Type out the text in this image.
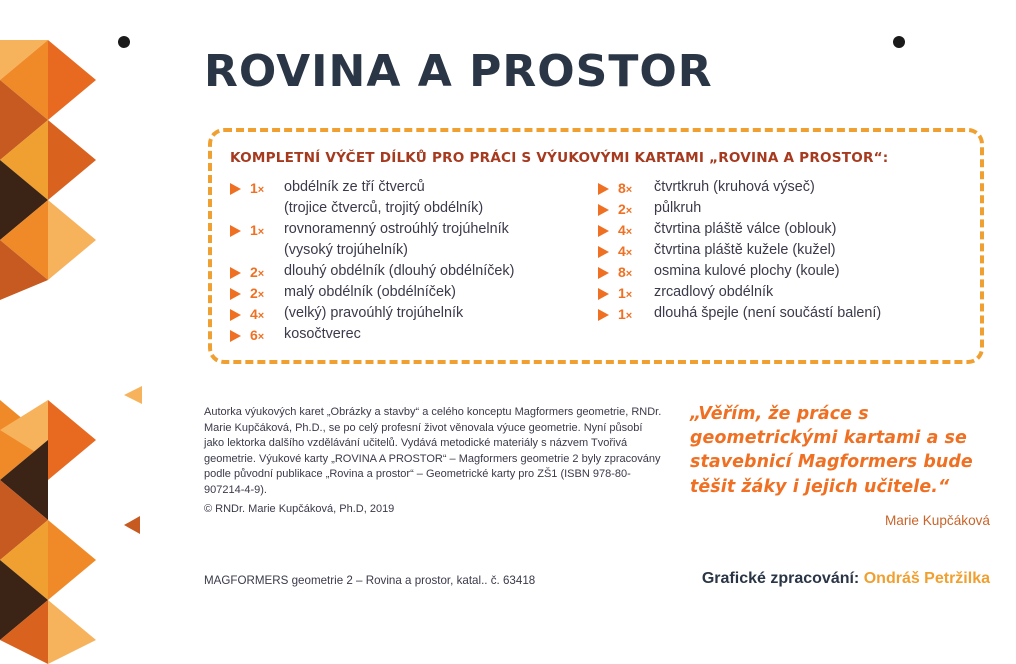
ROVINA A PROSTOR
KOMPLETNÍ VÝČET DÍLKŮ PRO PRÁCI S VÝUKOVÝMI KARTAMI „ROVINA A PROSTOR“:
1× obdélník ze tří čtverců
(trojice čtverců, trojitý obdélník)
1× rovnoramenný ostroúhlý trojúhelník
(vysoký trojúhelník)
2× dlouhý obdélník (dlouhý obdélníček)
2× malý obdélník (obdélníček)
4× (velký) pravoúhlý trojúhelník
6× kosočtverec
8× čtvrtkruh (kruhová výseč)
2× půlkruh
4× čtvrtina pláště válce (oblouk)
4× čtvrtina pláště kužele (kužel)
8× osmina kulové plochy (koule)
1× zrcadlový obdélník
1× dlouhá špejle (není součástí balení)
Autorka výukových karet „Obrázky a stavby“ a celého konceptu Magformers geometrie, RNDr. Marie Kupčáková, Ph.D., se po celý profesní život věnovala výuce geometrie. Nyní působí jako lektorka dalšího vzdělávání učitelů. Vydává metodické materiály s názvem Tvořivá geometrie. Výukové karty „ROVINA A PROSTOR“ – Magformers geometrie 2 byly zpracovány podle původní publikace „Rovina a prostor“ – Geometrické karty pro ZŠ1 (ISBN 978-80-907214-4-9).
© RNDr. Marie Kupčáková, Ph.D, 2019
„Věřím, že práce s geometrickými kartami a se stavebnicí Magformers bude těšit žáky i jejich učitele.“
Marie Kupčáková
MAGFORMERS geometrie 2 – Rovina a prostor, katal.. č. 63418	Grafické zpracování: Ondráš Petržilka
